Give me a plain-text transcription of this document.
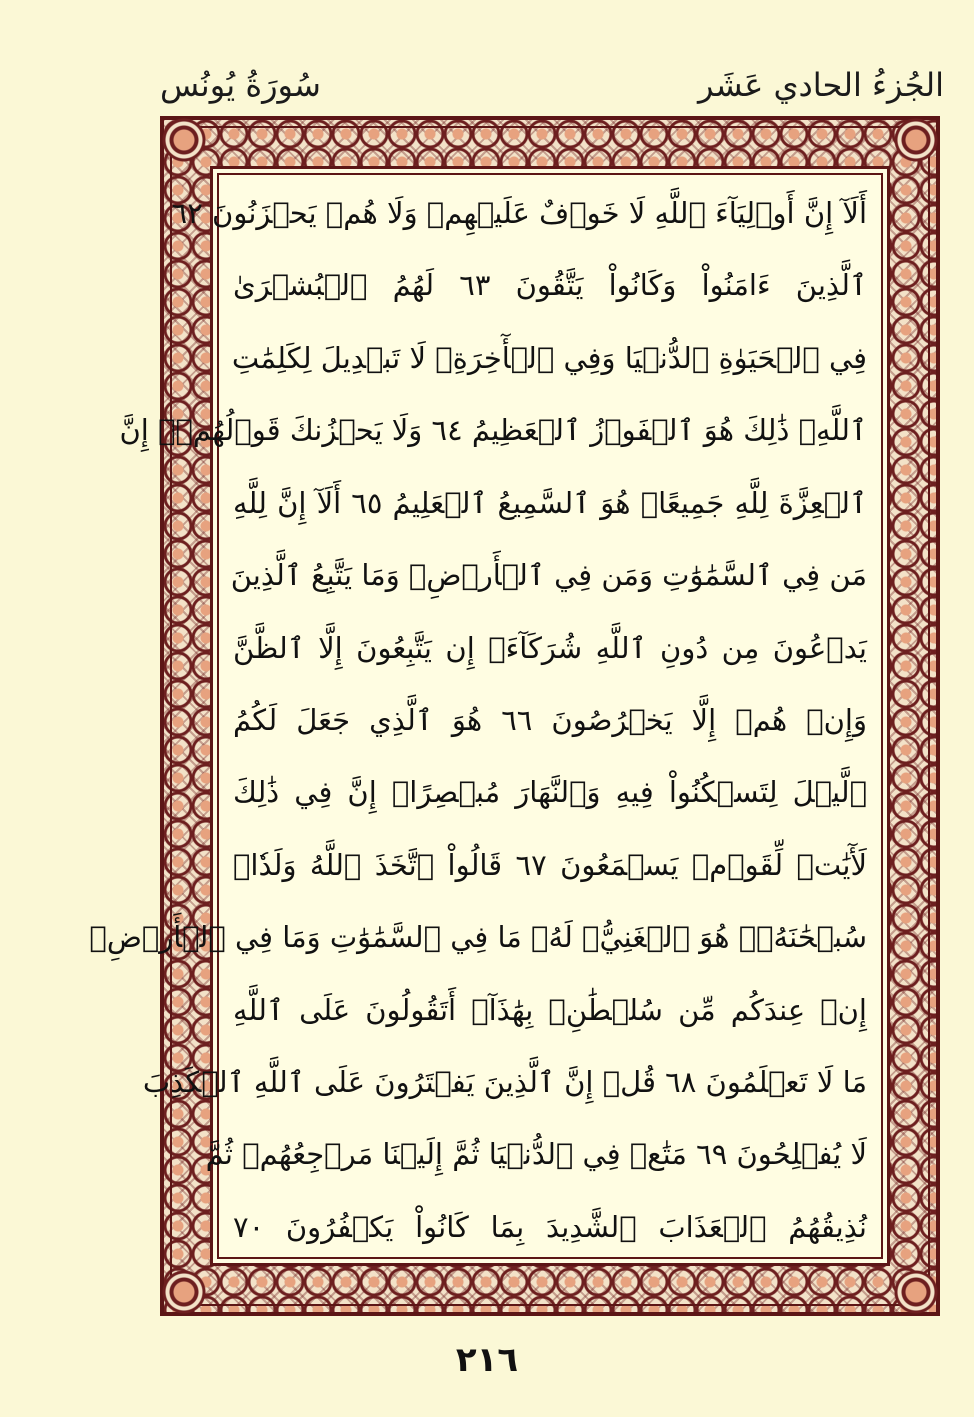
الجُزءُ الحادي عَشَر
سُورَةُ يُونُس
أَلَآ إِنَّ أَوۡلِيَآءَ ٱللَّهِ لَا خَوۡفٌ عَلَيۡهِمۡ وَلَا هُمۡ يَحۡزَنُونَ ٦٢
ٱلَّذِينَ ءَامَنُواْ وَكَانُواْ يَتَّقُونَ ٦٣ لَهُمُ ٱلۡبُشۡرَىٰ
فِي ٱلۡحَيَوٰةِ ٱلدُّنۡيَا وَفِي ٱلۡأٓخِرَةِۚ لَا تَبۡدِيلَ لِكَلِمَٰتِ
ٱللَّهِۚ ذَٰلِكَ هُوَ ٱلۡفَوۡزُ ٱلۡعَظِيمُ ٦٤ وَلَا يَحۡزُنكَ قَوۡلُهُمۡۘ إِنَّ
ٱلۡعِزَّةَ لِلَّهِ جَمِيعًاۚ هُوَ ٱلسَّمِيعُ ٱلۡعَلِيمُ ٦٥ أَلَآ إِنَّ لِلَّهِ
مَن فِي ٱلسَّمَٰوَٰتِ وَمَن فِي ٱلۡأَرۡضِۗ وَمَا يَتَّبِعُ ٱلَّذِينَ
يَدۡعُونَ مِن دُونِ ٱللَّهِ شُرَكَآءَۚ إِن يَتَّبِعُونَ إِلَّا ٱلظَّنَّ
وَإِنۡ هُمۡ إِلَّا يَخۡرُصُونَ ٦٦ هُوَ ٱلَّذِي جَعَلَ لَكُمُ
ٱلَّيۡلَ لِتَسۡكُنُواْ فِيهِ وَٱلنَّهَارَ مُبۡصِرًاۚ إِنَّ فِي ذَٰلِكَ
لَأٓيَٰتٖ لِّقَوۡمٖ يَسۡمَعُونَ ٦٧ قَالُواْ ٱتَّخَذَ ٱللَّهُ وَلَدٗاۗ
سُبۡحَٰنَهُۥۖ هُوَ ٱلۡغَنِيُّۖ لَهُۥ مَا فِي ٱلسَّمَٰوَٰتِ وَمَا فِي ٱلۡأَرۡضِۚ
إِنۡ عِندَكُم مِّن سُلۡطَٰنِۭ بِهَٰذَآۚ أَتَقُولُونَ عَلَى ٱللَّهِ
مَا لَا تَعۡلَمُونَ ٦٨ قُلۡ إِنَّ ٱلَّذِينَ يَفۡتَرُونَ عَلَى ٱللَّهِ ٱلۡكَذِبَ
لَا يُفۡلِحُونَ ٦٩ مَتَٰعٞ فِي ٱلدُّنۡيَا ثُمَّ إِلَيۡنَا مَرۡجِعُهُمۡ ثُمَّ
نُذِيقُهُمُ ٱلۡعَذَابَ ٱلشَّدِيدَ بِمَا كَانُواْ يَكۡفُرُونَ ٧٠
٢١٦
